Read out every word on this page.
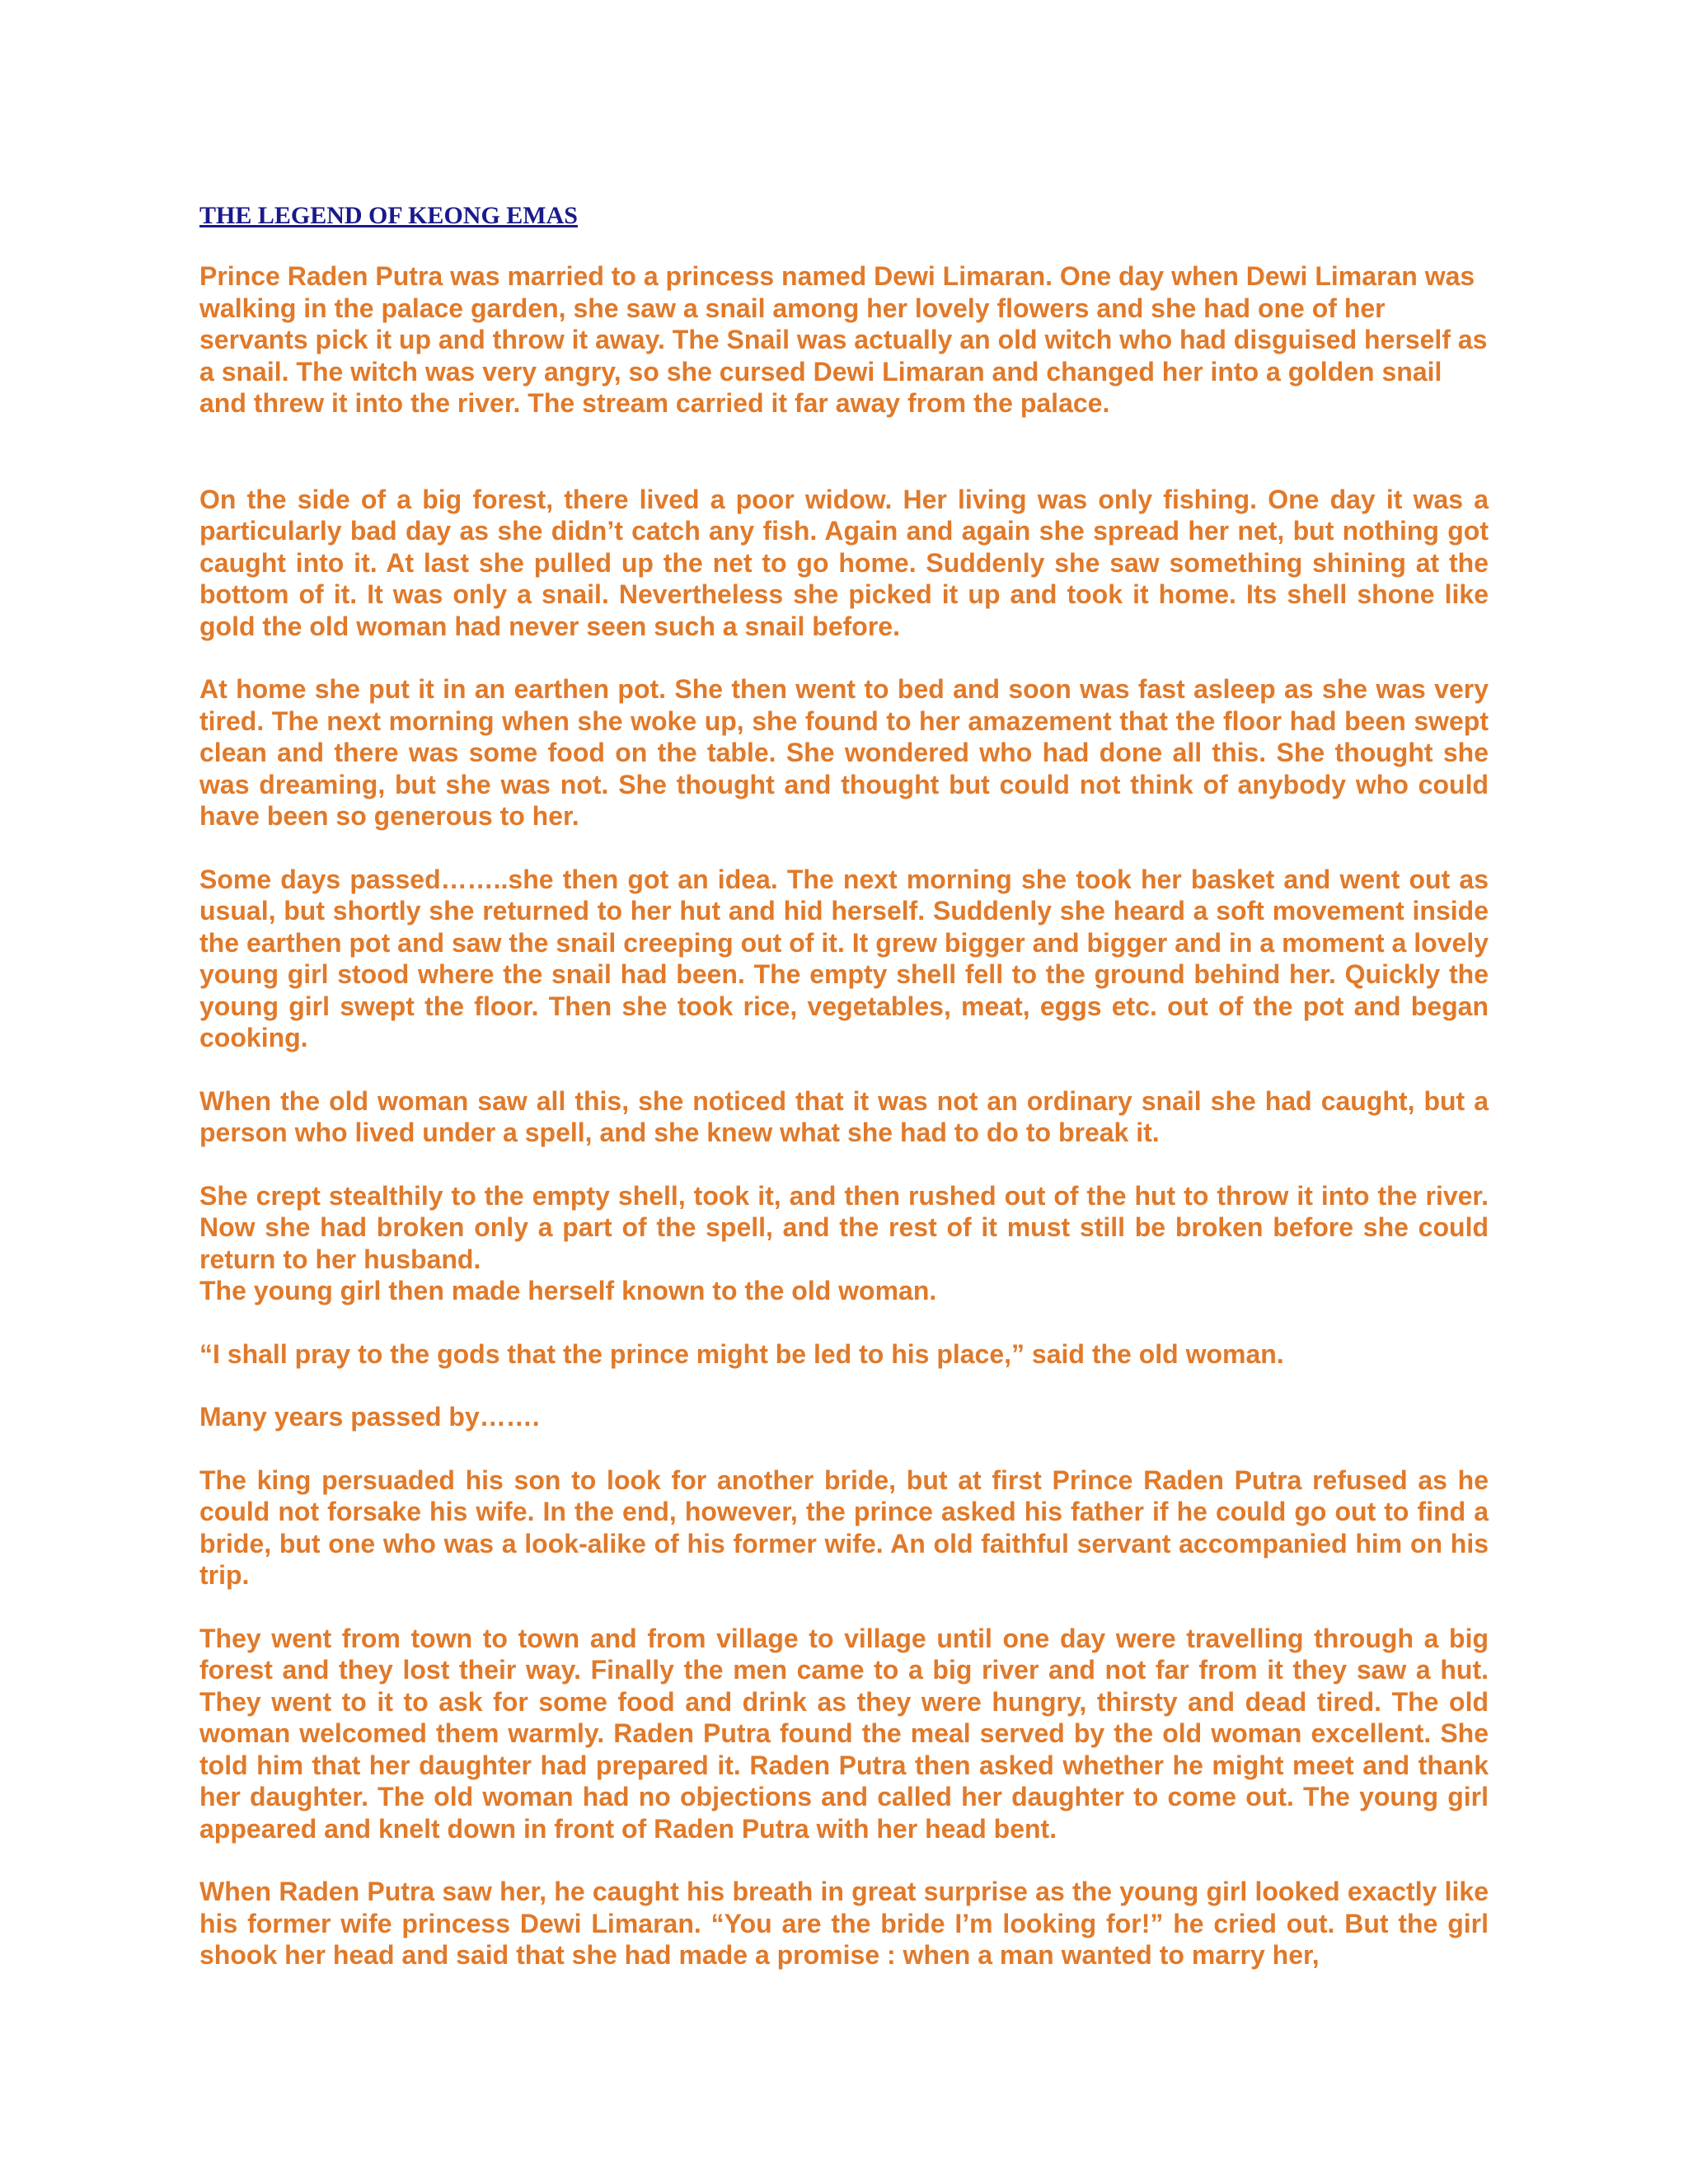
THE LEGEND OF KEONG EMAS

Prince Raden Putra was married to a princess named Dewi Limaran. One day when Dewi Limaran was walking in the palace garden, she saw a snail among her lovely flowers and she had one of her servants pick it up and throw it away. The Snail was actually an old witch who had disguised herself as a snail. The witch was very angry, so she cursed Dewi Limaran and changed her into a golden snail and threw it into the river. The stream carried it far away from the palace.

On the side of a big forest, there lived a poor widow. Her living was only fishing. One day it was a particularly bad day as she didn’t catch any fish. Again and again she spread her net, but nothing got caught into it. At last she pulled up the net to go home. Suddenly she saw something shining at the bottom of it. It was only a snail. Nevertheless she picked it up and took it home. Its shell shone like gold the old woman had never seen such a snail before.

At home she put it in an earthen pot. She then went to bed and soon was fast asleep as she was very tired. The next morning when she woke up, she found to her amazement that the floor had been swept clean and there was some food on the table. She wondered who had done all this. She thought she was dreaming, but she was not. She thought and thought but could not think of anybody who could have been so generous to her.

Some days passed……..she then got an idea. The next morning she took her basket and went out as usual, but shortly she returned to her hut and hid herself. Suddenly she heard a soft movement inside the earthen pot and saw the snail creeping out of it. It grew bigger and bigger and in a moment a lovely young girl stood where the snail had been. The empty shell fell to the ground behind her. Quickly the young girl swept the floor. Then she took rice, vegetables, meat, eggs etc. out of the pot and began cooking.

When the old woman saw all this, she noticed that it was not an ordinary snail she had caught, but a person who lived under a spell, and she knew what she had to do to break it.

She crept stealthily to the empty shell, took it, and then rushed out of the hut to throw it into the river. Now she had broken only a part of the spell, and the rest of it must still be broken before she could return to her husband.

The young girl then made herself known to the old woman.

“I shall pray to the gods that the prince might be led to his place,” said the old woman.

Many years passed by…….

The king persuaded his son to look for another bride, but at first Prince Raden Putra refused as he could not forsake his wife. In the end, however, the prince asked his father if he could go out to find a bride, but one who was a look-alike of his former wife. An old faithful servant accompanied him on his trip.

They went from town to town and from village to village until one day were travelling through a big forest and they lost their way. Finally the men came to a big river and not far from it they saw a hut. They went to it to ask for some food and drink as they were hungry, thirsty and dead tired. The old woman welcomed them warmly. Raden Putra found the meal served by the old woman excellent. She told him that her daughter had prepared it. Raden Putra then asked whether he might meet and thank her daughter. The old woman had no objections and called her daughter to come out. The young girl appeared and knelt down in front of Raden Putra with her head bent.

When Raden Putra saw her, he caught his breath in great surprise as the young girl looked exactly like his former wife princess Dewi Limaran. “You are the bride I’m looking for!” he cried out. But the girl shook her head and said that she had made a promise : when a man wanted to marry her,
